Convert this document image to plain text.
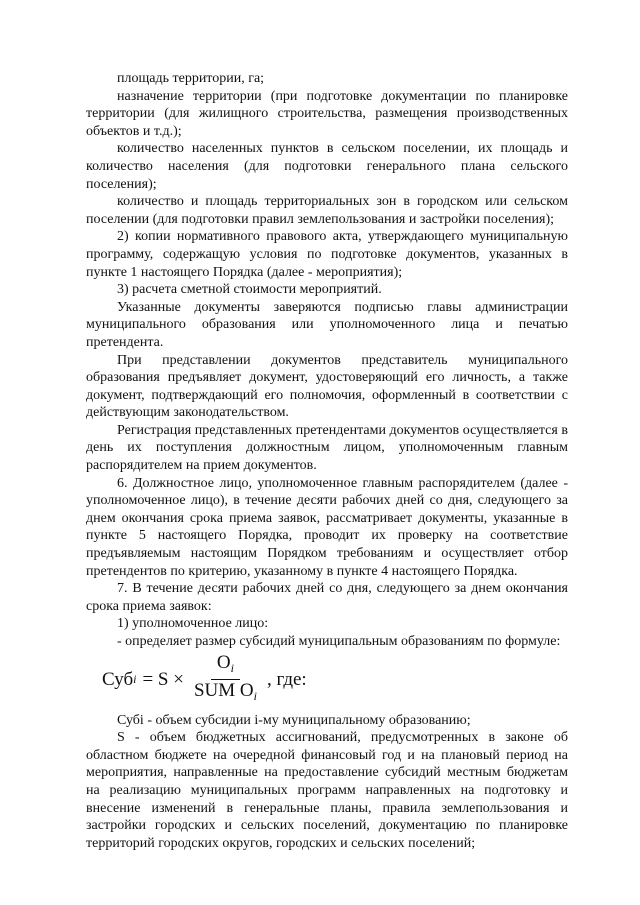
площадь территории, га;

назначение территории (при подготовке документации по планировке территории (для жилищного строительства, размещения производственных объектов и т.д.);

количество населенных пунктов в сельском поселении, их площадь и количество населения (для подготовки генерального плана сельского поселения);

количество и площадь территориальных зон в городском или сельском поселении (для подготовки правил землепользования и застройки поселения);

2) копии нормативного правового акта, утверждающего муниципальную программу, содержащую условия по подготовке документов, указанных в пункте 1 настоящего Порядка (далее - мероприятия);

3) расчета сметной стоимости мероприятий.

Указанные документы заверяются подписью главы администрации муниципального образования или уполномоченного лица и печатью претендента.

При представлении документов представитель муниципального образования предъявляет документ, удостоверяющий его личность, а также документ, подтверждающий его полномочия, оформленный в соответствии с действующим законодательством.

Регистрация представленных претендентами документов осуществляется в день их поступления должностным лицом, уполномоченным главным распорядителем на прием документов.

6. Должностное лицо, уполномоченное главным распорядителем (далее - уполномоченное лицо), в течение десяти рабочих дней со дня, следующего за днем окончания срока приема заявок, рассматривает документы, указанные в пункте 5 настоящего Порядка, проводит их проверку на соответствие предъявляемым настоящим Порядком требованиям и осуществляет отбор претендентов по критерию, указанному в пункте 4 настоящего Порядка.

7. В течение десяти рабочих дней со дня, следующего за днем окончания срока приема заявок:

1) уполномоченное лицо:

- определяет размер субсидий муниципальным образованиям по формуле:

Суб $i = S \times \frac{O_i}{SUM O_i}$ , где:

Субi - объем субсидии i-му муниципальному образованию;

S - объем бюджетных ассигнований, предусмотренных в законе об областном бюджете на очередной финансовый год и на плановый период на мероприятия, направленные на предоставление субсидий местным бюджетам на реализацию муниципальных программ направленных на подготовку и внесение изменений в генеральные планы, правила землепользования и застройки городских и сельских поселений, документацию по планировке территорий городских округов, городских и сельских поселений;
